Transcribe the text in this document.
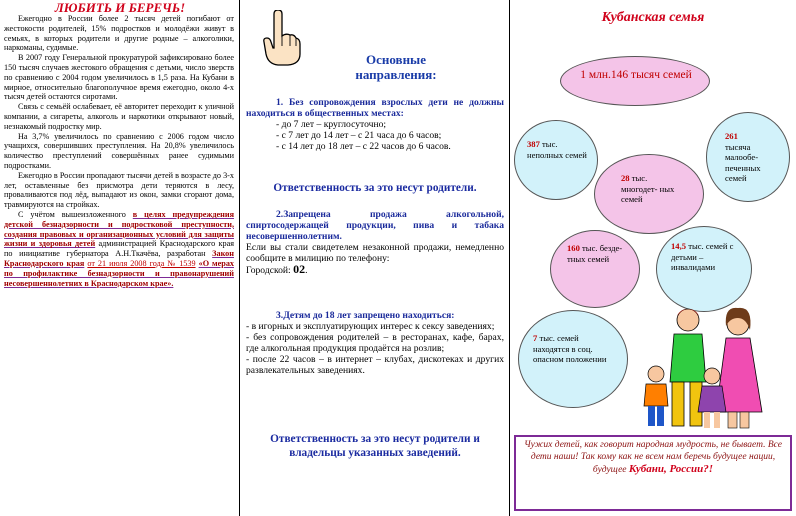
ЛЮБИТЬ И БЕРЕЧЬ!

Ежегодно в России более 2 тысяч детей погибают от жестокости родителей, 15% подростков и молодёжи живут в семьях, в которых родители и другие родные – алкоголики, наркоманы, судимые.

В 2007 году Генеральной прокуратурой зафиксировано более 150 тысяч случаев жестокого обращения с детьми, число зверств по сравнению с 2004 годом увеличилось в 1,5 раза. На Кубани в мирное, относительно благополучное время ежегодно, около 4-х тысяч детей остаются сиротами.

Связь с семьёй ослабевает, её авторитет переходит к уличной компании, а сигареты, алкоголь и наркотики открывают новый, незнакомый подростку мир.

На 3,7% увеличилось по сравнению с 2006 годом число учащихся, совершивших преступления. На 20,8% увеличилось количество преступлений совершённых ранее судимыми подростками.

Ежегодно в России пропадают тысячи детей в возрасте до 3-х лет, оставленные без присмотра дети теряются в лесу, проваливаются под лёд, выпадают из окон, замки сгорают дома, травмируются на стройках.

С учётом вышеизложенного в целях предупреждения детской безнадзорности и подростковой преступности, создания правовых и организационных условий для защиты жизни и здоровья детей администрацией Краснодарского края по инициативе губернатора А.Н.Ткачёва, разработан Закон Краснодарского края от 21 июля 2008 года № 1539 «О мерах по профилактике безнадзорности и правонарушений несовершеннолетних в Краснодарском крае».

Основные
направления:
1. Без сопровождения взрослых дети не должны находиться в общественных местах:
- до 7 лет – круглосуточно;
- с 7 лет до 14 лет – с 21 часа до 6 часов;
- с 14 лет до 18 лет – с 22 часов до 6 часов.
Ответственность за это несут родители.
2.Запрещена продажа алкогольной, спиртосодержащей продукции, пива и табака несовершеннолетним.
Если вы стали свидетелем незаконной продажи, немедленно сообщите в милицию по телефону:
Городской: 02.
3.Детям до 18 лет запрещено находиться:
- в игорных и эксплуатирующих интерес к сексу заведениях;
- без сопровождения родителей – в ресторанах, кафе, барах, где алкогольная продукция продаётся на розлив;
- после 22 часов – в интернет – клубах, дискотеках и других развлекательных заведениях.
Ответственность за это несут родители и владельцы указанных заведений.
Кубанская семья
1 млн.146 тысяч семей
387 тыс. неполных семей
261
тысяча малообе- печенных семей
28 тыс. многодет- ных семей
160 тыс. бездетных семей
14,5 тыс. семей с детьми – инвалидами
7 тыс. семей находятся в соц. опасном положении
Чужих детей, как говорит народная мудрость, не бывает. Все дети наши! Так кому как не всем нам беречь будущее нации, будущее Кубани, России?!
